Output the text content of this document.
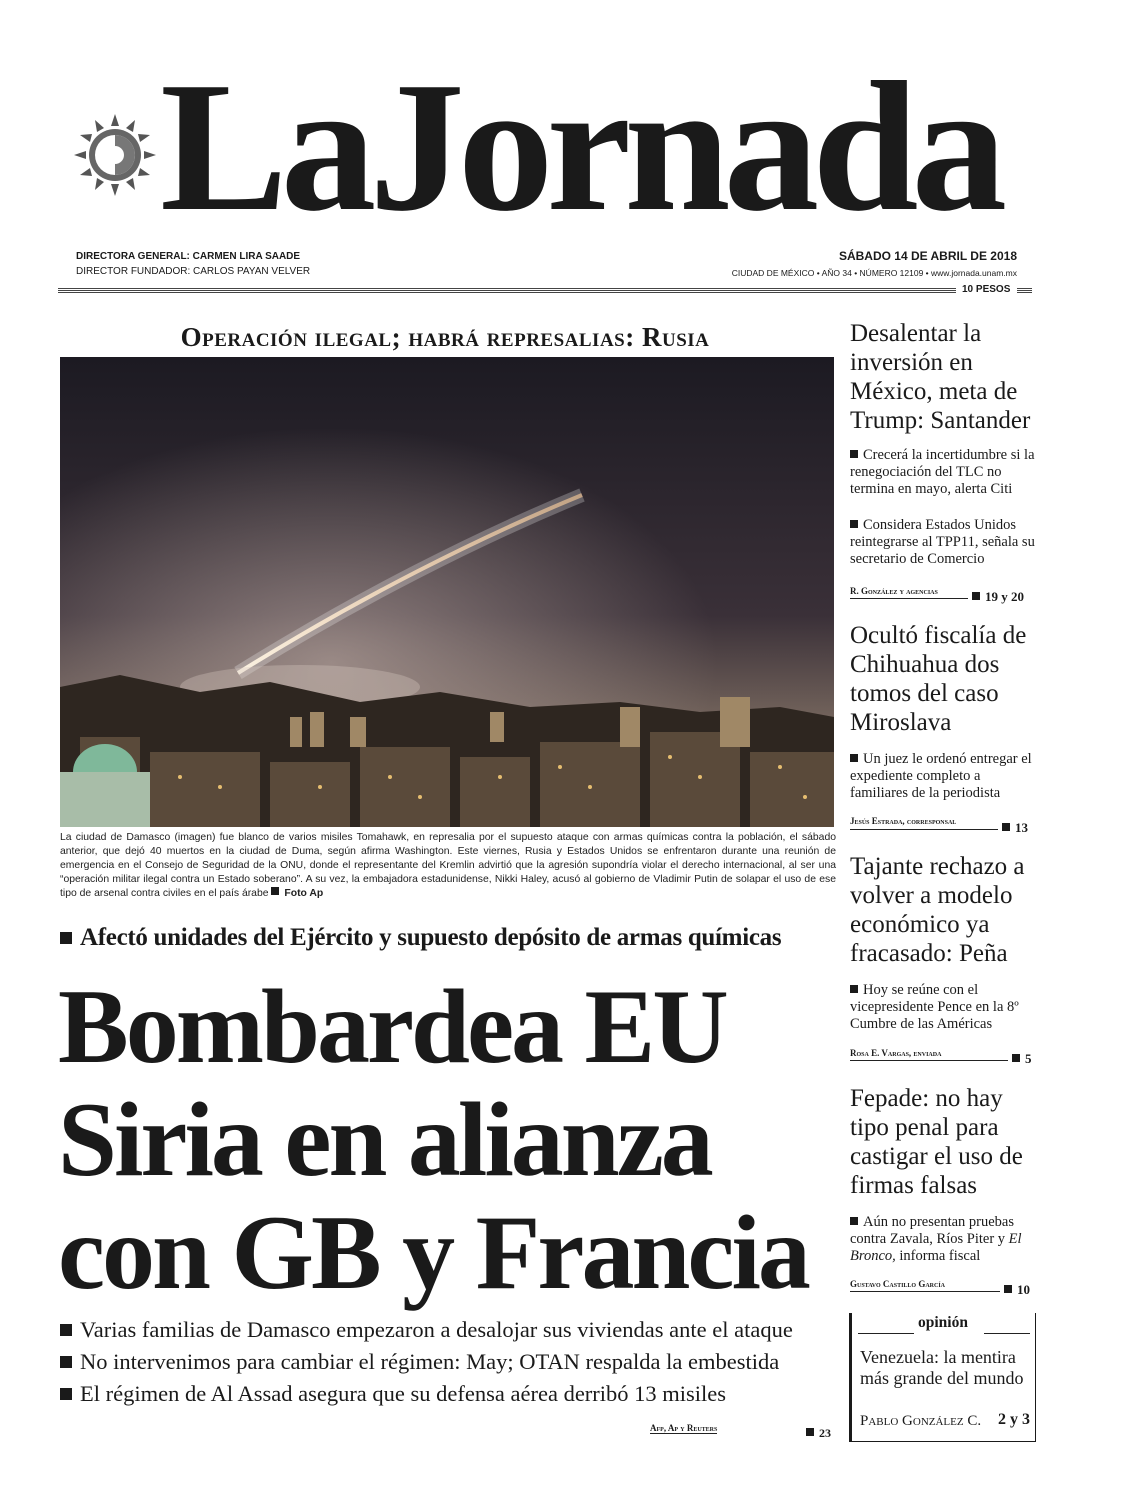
LaJornada
DIRECTORA GENERAL: CARMEN LIRA SAADE
DIRECTOR FUNDADOR: CARLOS PAYAN VELVER
SÁBADO 14 DE ABRIL DE 2018
CIUDAD DE MÉXICO • AÑO 34 • NÚMERO 12109 • www.jornada.unam.mx
10 PESOS
Operación ilegal; habrá represalias: Rusia
La ciudad de Damasco (imagen) fue blanco de varios misiles Tomahawk, en represalia por el supuesto ataque con armas químicas contra la población, el sábado anterior, que dejó 40 muertos en la ciudad de Duma, según afirma Washington. Este viernes, Rusia y Estados Unidos se enfrentaron durante una reunión de emergencia en el Consejo de Seguridad de la ONU, donde el representante del Kremlin advirtió que la agresión supondría violar el derecho internacional, al ser una “operación militar ilegal contra un Estado soberano”. A su vez, la embajadora estadunidense, Nikki Haley, acusó al gobierno de Vladimir Putin de solapar el uso de ese tipo de arsenal contra civiles en el país árabe Foto Ap
Afectó unidades del Ejército y supuesto depósito de armas químicas
Bombardea EU
Siria en alianza
con GB y Francia
Varias familias de Damasco empezaron a desalojar sus viviendas ante el ataque
No intervenimos para cambiar el régimen: May; OTAN respalda la embestida
El régimen de Al Assad asegura que su defensa aérea derribó 13 misiles
Afp, Ap y Reuters	23
Desalentar la inversión en México, meta de Trump: Santander
Crecerá la incertidumbre si la renegociación del TLC no termina en mayo, alerta Citi
Considera Estados Unidos reintegrarse al TPP11, señala su secretario de Comercio
R. González y agencias	19 y 20
Ocultó fiscalía de Chihuahua dos tomos del caso Miroslava
Un juez le ordenó entregar el expediente completo a familiares de la periodista
Jesús Estrada, corresponsal	13
Tajante rechazo a volver a modelo económico ya fracasado: Peña
Hoy se reúne con el vicepresidente Pence en la 8º Cumbre de las Américas
Rosa E. Vargas, enviada	5
Fepade: no hay tipo penal para castigar el uso de firmas falsas
Aún no presentan pruebas contra Zavala, Ríos Piter y El Bronco, informa fiscal
Gustavo Castillo García	10
opinión
Venezuela: la mentira más grande del mundo
Pablo González C. 2 y 3
